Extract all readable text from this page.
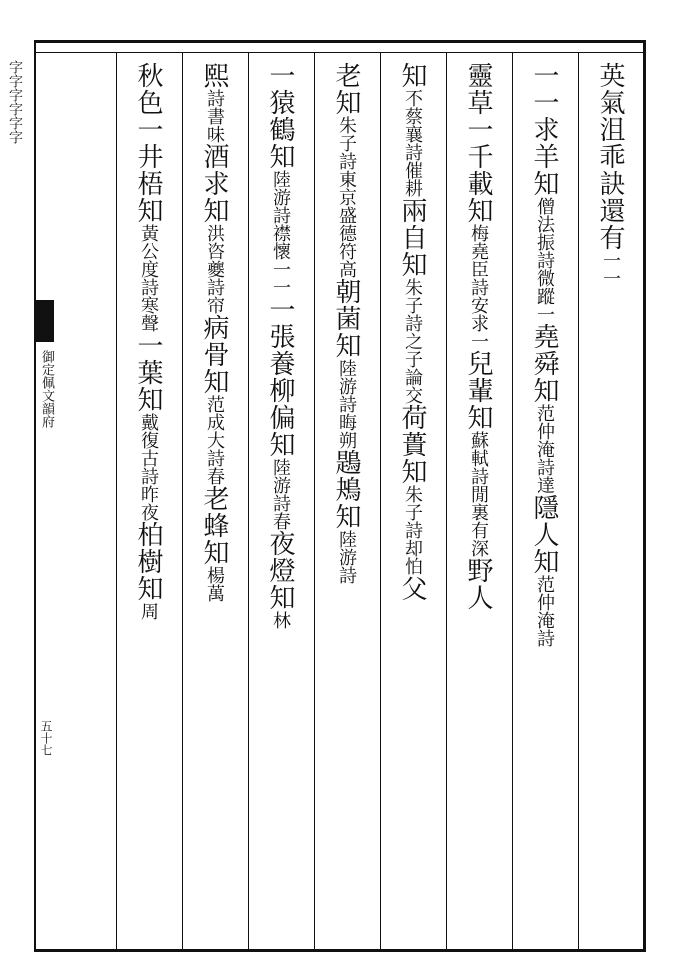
字字字字字字
御定佩文韻府
五十七
英氣沮乖訣還有一一
一一求羊知僧法振詩微蹤一堯舜知范仲淹詩達隱人知范仲淹詩
靈草一千載知梅堯臣詩安求一兒輩知蘇軾詩閒裏有深野人
知不蔡襄詩催耕兩自知朱子詩之子論交荷蕢知朱子詩却怕父
老知朱子詩東京盛德符高朝菌知陸游詩晦朔鶗鴂知陸游詩
一猿鶴知陸游詩襟懷一一一張養柳偏知陸游詩春夜燈知林
熙詩書味酒求知洪咨夔詩帘病骨知范成大詩春老蜂知楊萬
秋色一井梧知黃公度詩寒聲一葉知戴復古詩昨夜柏樹知周
